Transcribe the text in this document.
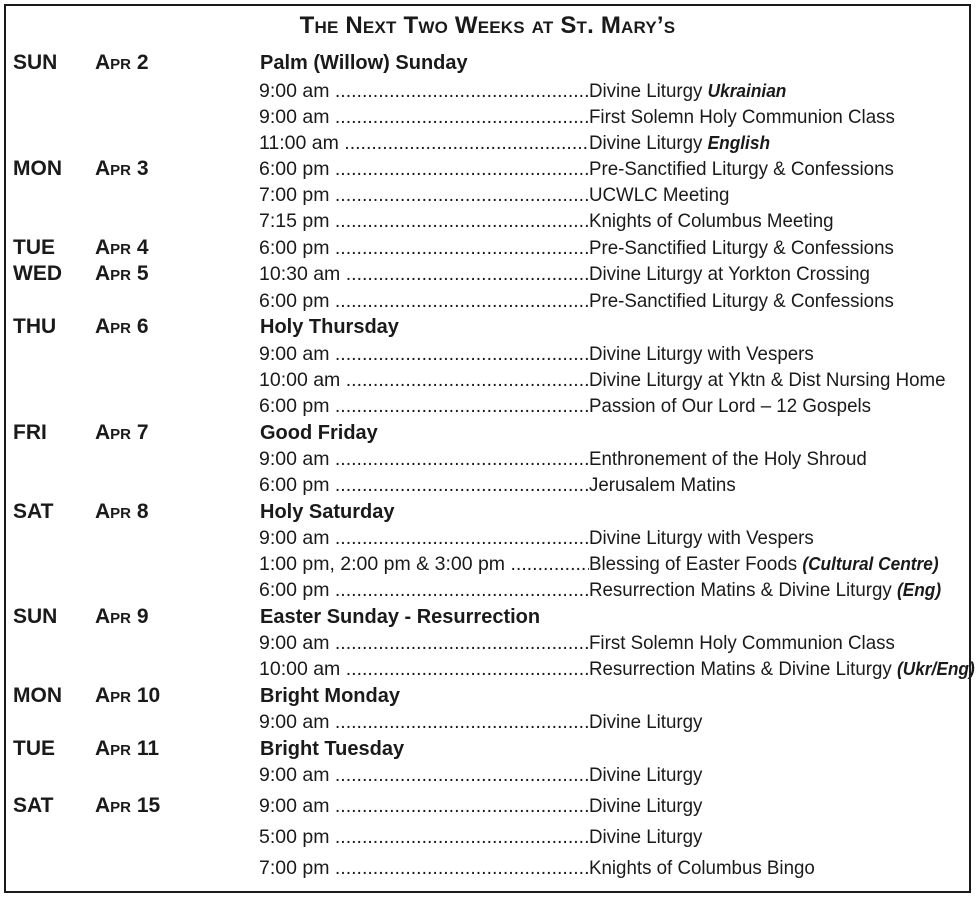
The Next Two Weeks at St. Mary’s
SUN Apr 2	Palm (Willow) Sunday
9:00 am .....	Divine Liturgy Ukrainian
9:00 am .....	First Solemn Holy Communion Class
11:00 am .....	Divine Liturgy English
MON Apr 3	6:00 pm .....	Pre-Sanctified Liturgy & Confessions
7:00 pm .....	UCWLC Meeting
7:15 pm .....	Knights of Columbus Meeting
TUE Apr 4	6:00 pm .....	Pre-Sanctified Liturgy & Confessions
WED Apr 5	10:30 am .....	Divine Liturgy at Yorkton Crossing
6:00 pm .....	Pre-Sanctified Liturgy & Confessions
THU Apr 6	Holy Thursday
9:00 am .....	Divine Liturgy with Vespers
10:00 am .....	Divine Liturgy at Yktn & Dist Nursing Home
6:00 pm .....	Passion of Our Lord – 12 Gospels
FRI Apr 7	Good Friday
9:00 am .....	Enthronement of the Holy Shroud
6:00 pm .....	Jerusalem Matins
SAT Apr 8	Holy Saturday
9:00 am .....	Divine Liturgy with Vespers
1:00 pm, 2:00 pm & 3:00 pm .....	Blessing of Easter Foods (Cultural Centre)
6:00 pm .....	Resurrection Matins & Divine Liturgy (Eng)
SUN Apr 9	Easter Sunday - Resurrection
9:00 am .....	First Solemn Holy Communion Class
10:00 am .....	Resurrection Matins & Divine Liturgy (Ukr/Eng)
MON Apr 10	Bright Monday
9:00 am .....	Divine Liturgy
TUE Apr 11	Bright Tuesday
9:00 am .....	Divine Liturgy
SAT Apr 15	9:00 am .....	Divine Liturgy
5:00 pm .....	Divine Liturgy
7:00 pm .....	Knights of Columbus Bingo
